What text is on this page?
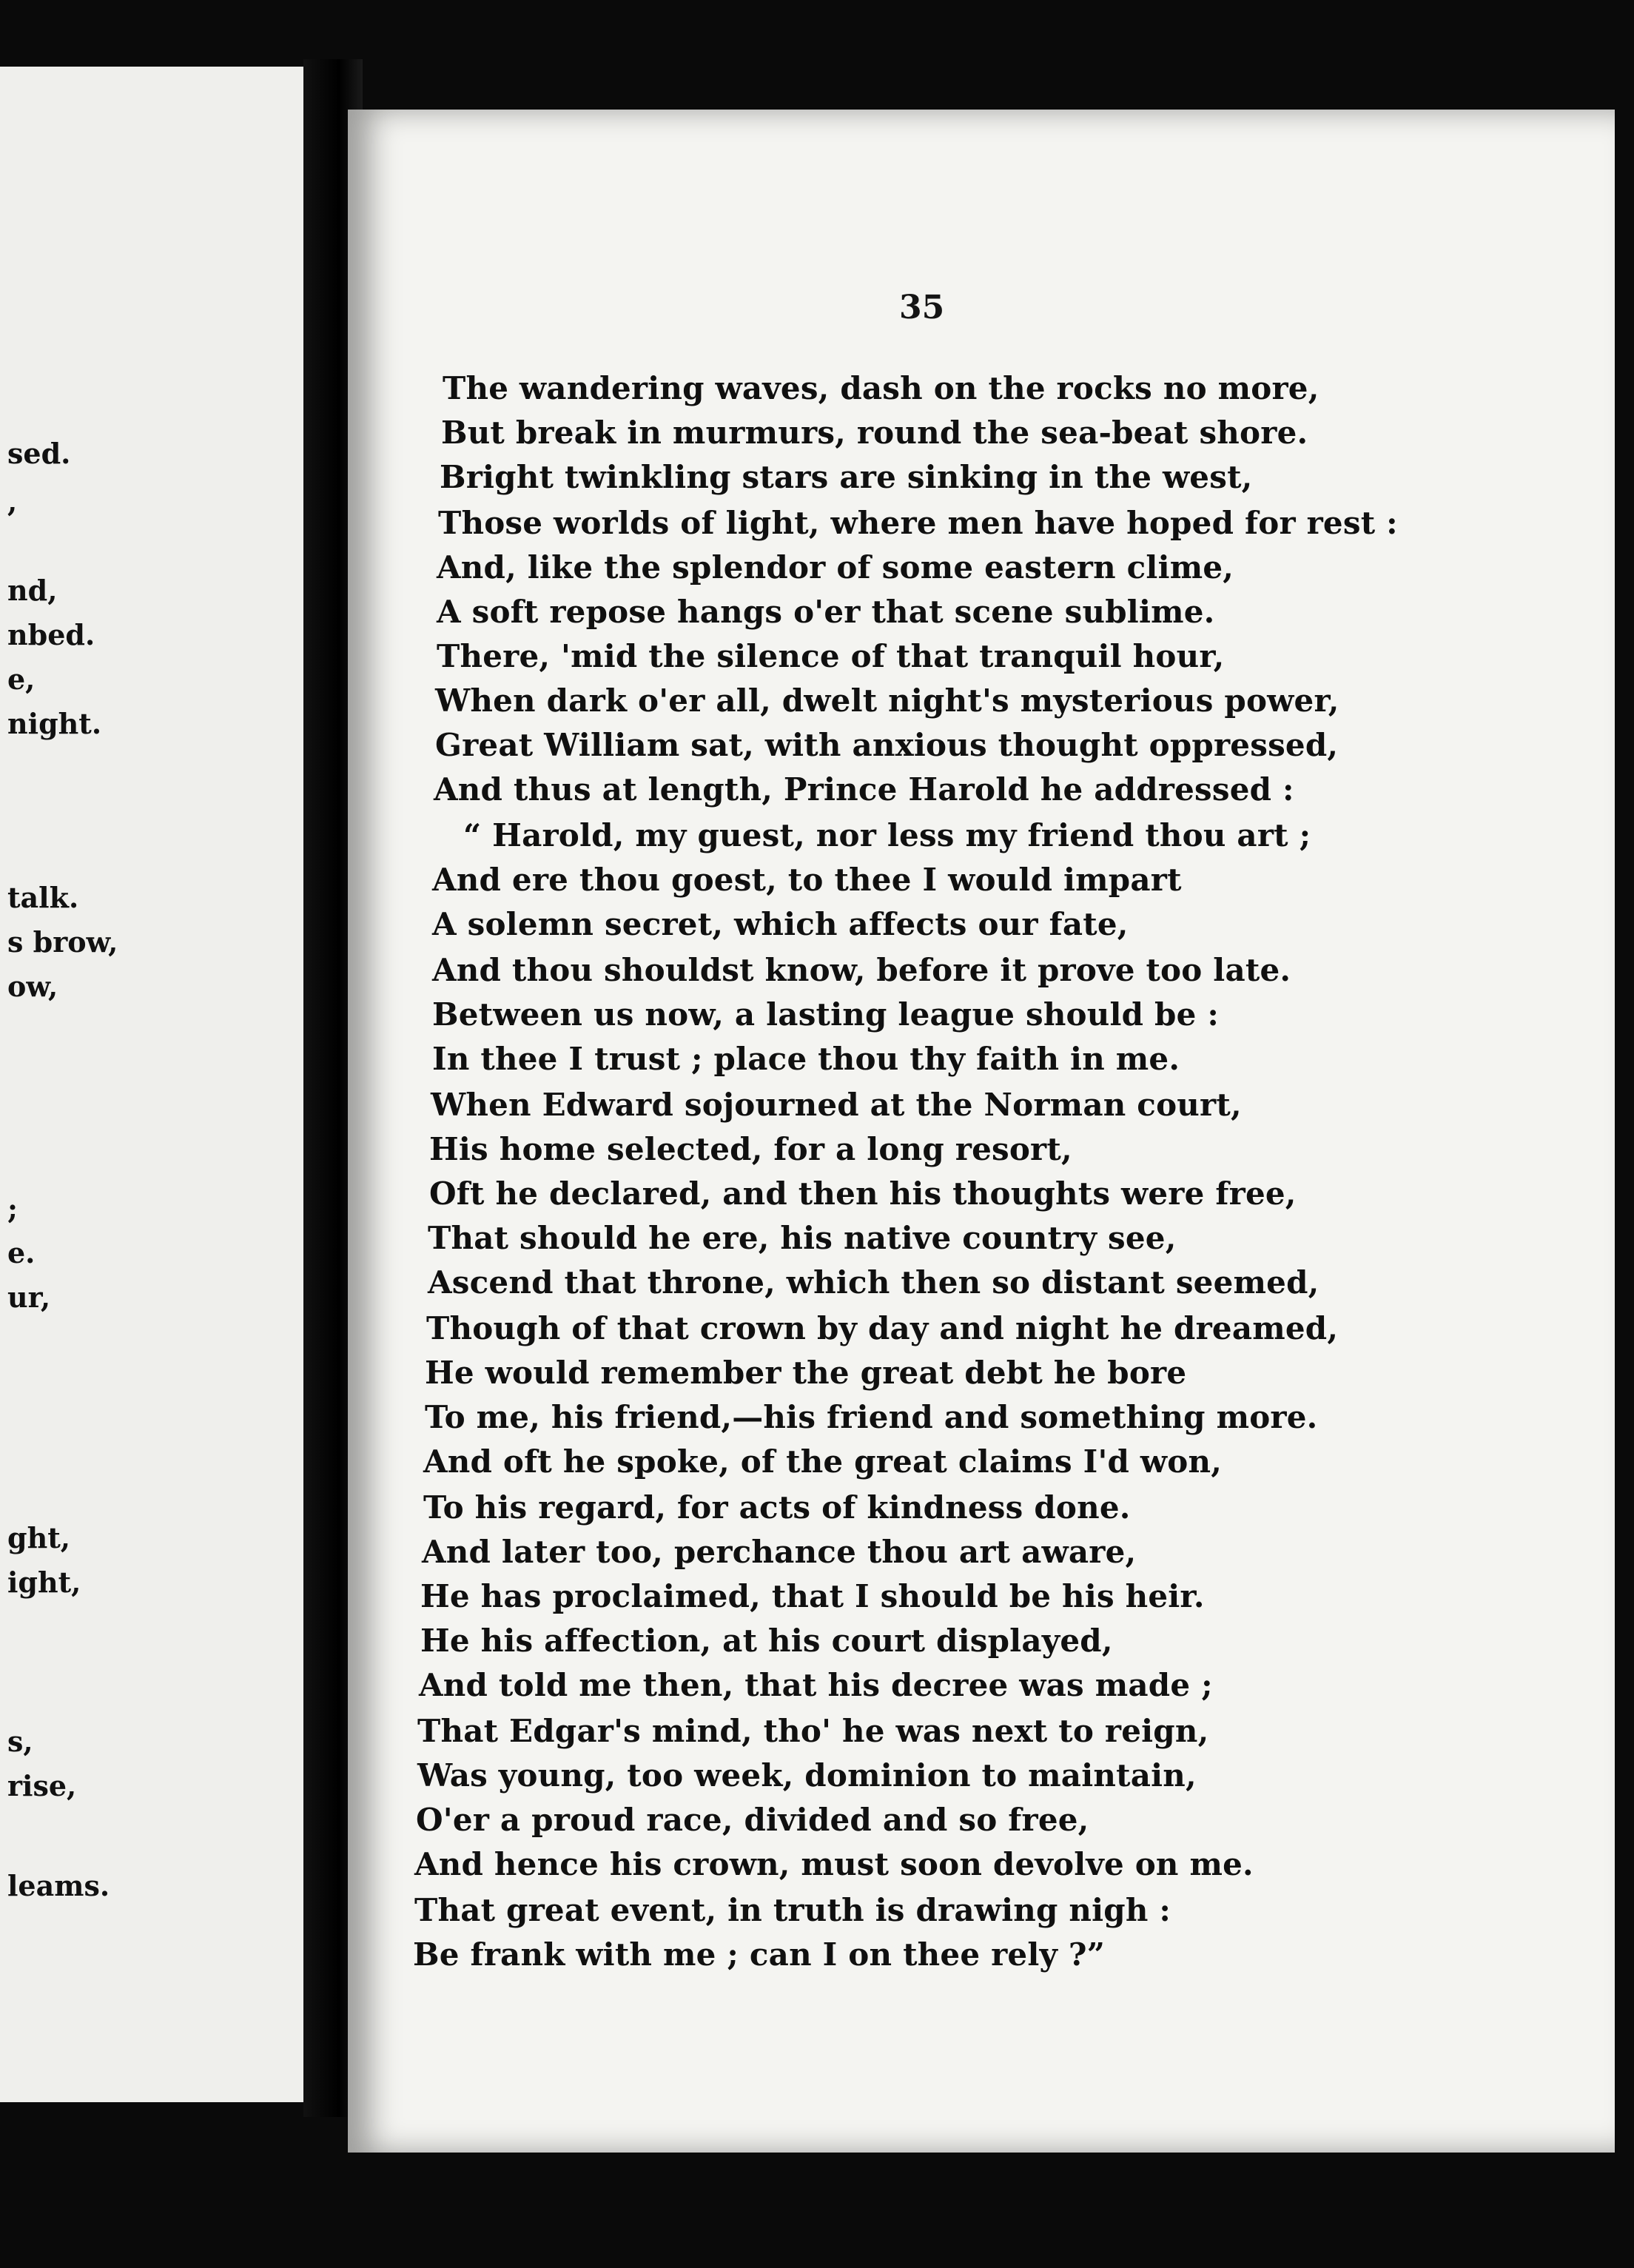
sed.
,
nd,
nbed.
e,
night.
talk.
s brow,
ow,
;
e.
ur,
ght,
ight,
s,
rise,
leams.
35
The wandering waves, dash on the rocks no more,
But break in murmurs, round the sea-beat shore.
Bright twinkling stars are sinking in the west,
Those worlds of light, where men have hoped for rest :
And, like the splendor of some eastern clime,
A soft repose hangs o'er that scene sublime.
There, 'mid the silence of that tranquil hour,
When dark o'er all, dwelt night's mysterious power,
Great William sat, with anxious thought oppressed,
And thus at length, Prince Harold he addressed :
“ Harold, my guest, nor less my friend thou art ;
And ere thou goest, to thee I would impart
A solemn secret, which affects our fate,
And thou shouldst know, before it prove too late.
Between us now, a lasting league should be :
In thee I trust ; place thou thy faith in me.
When Edward sojourned at the Norman court,
His home selected, for a long resort,
Oft he declared, and then his thoughts were free,
That should he ere, his native country see,
Ascend that throne, which then so distant seemed,
Though of that crown by day and night he dreamed,
He would remember the great debt he bore
To me, his friend,—his friend and something more.
And oft he spoke, of the great claims I'd won,
To his regard, for acts of kindness done.
And later too, perchance thou art aware,
He has proclaimed, that I should be his heir.
He his affection, at his court displayed,
And told me then, that his decree was made ;
That Edgar's mind, tho' he was next to reign,
Was young, too week, dominion to maintain,
O'er a proud race, divided and so free,
And hence his crown, must soon devolve on me.
That great event, in truth is drawing nigh :
Be frank with me ; can I on thee rely ?”
